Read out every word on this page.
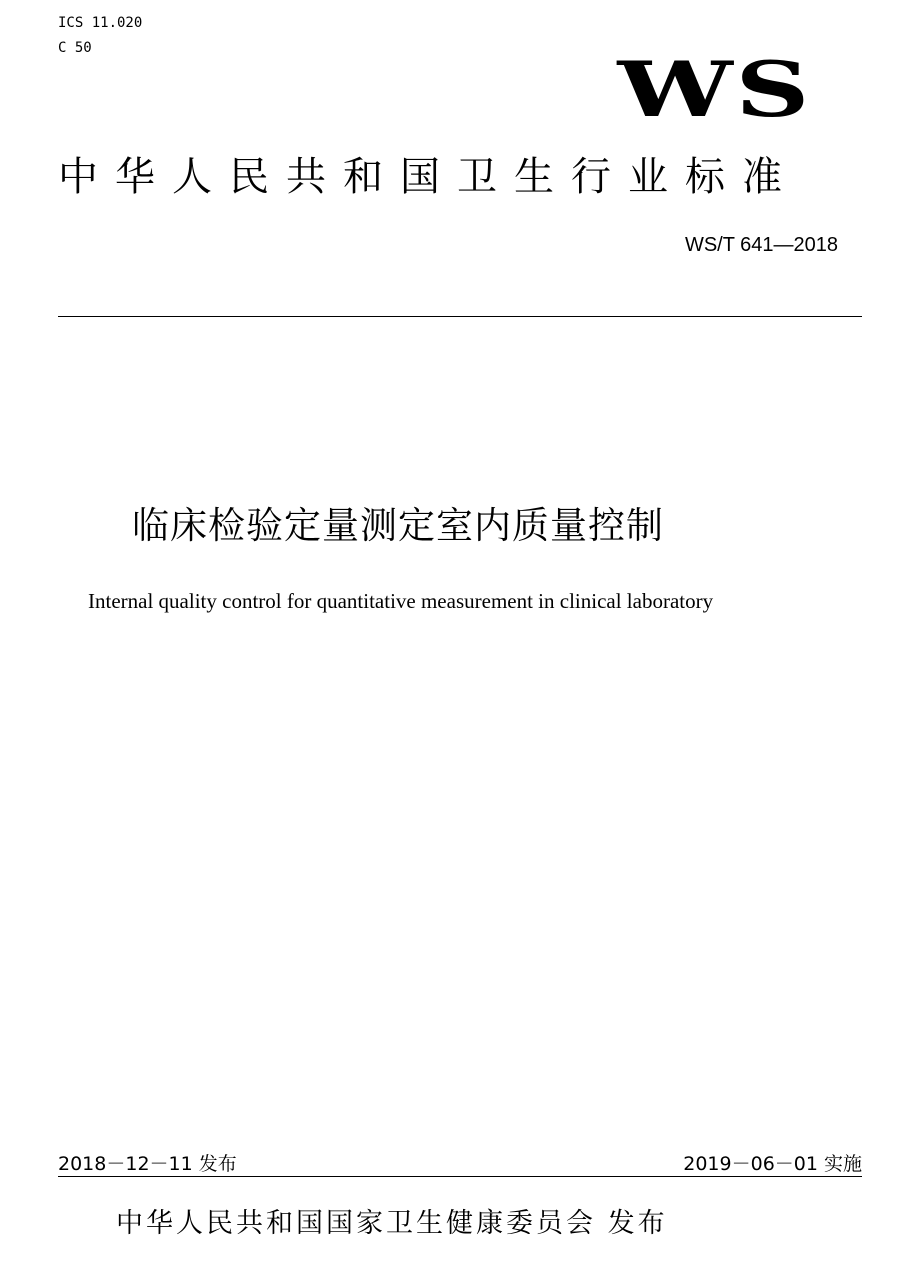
ICS 11.020
C 50	WS
中华人民共和国卫生行业标准
WS/T 641—2018
临床检验定量测定室内质量控制
Internal quality control for quantitative measurement in clinical laboratory
2018－12－11 发布	2019－06－01 实施
中华人民共和国国家卫生健康委员会 发布
